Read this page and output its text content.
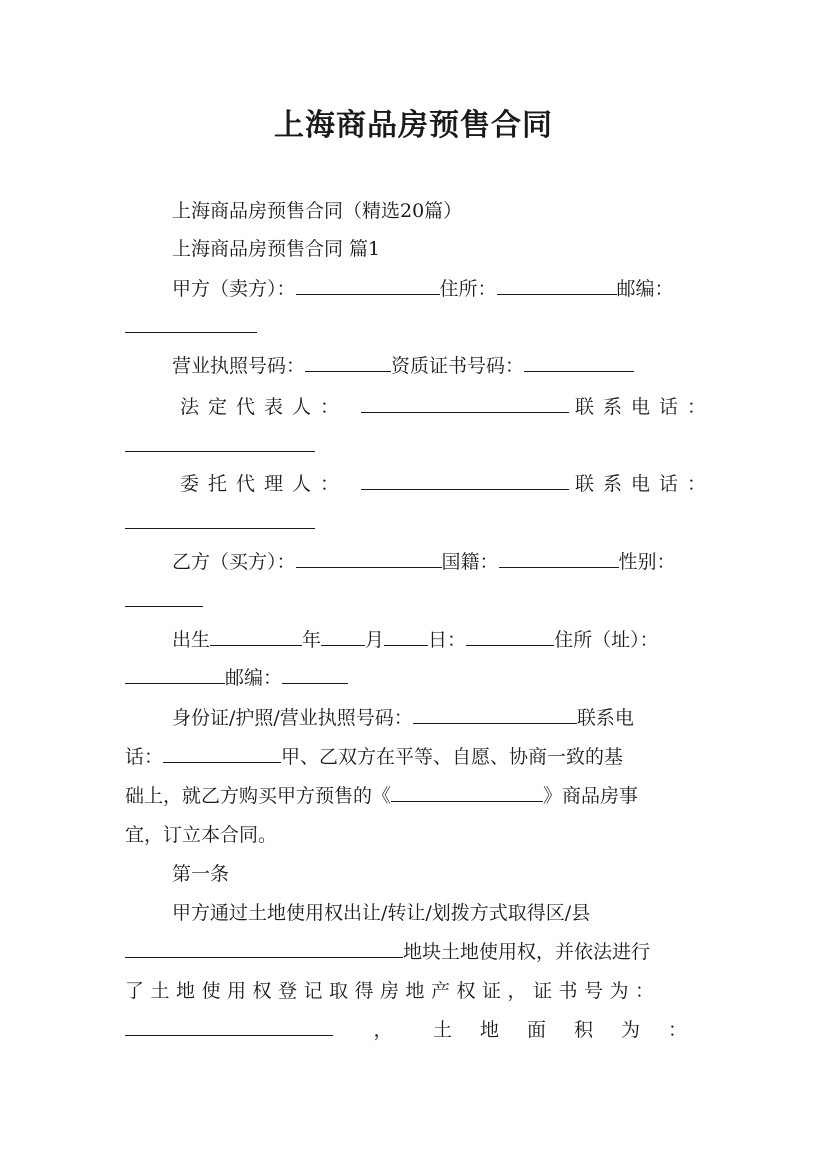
上海商品房预售合同
上海商品房预售合同（精选20篇）
上海商品房预售合同 篇1
甲方（卖方）：	住所：	邮编：
营业执照号码：	资质证书号码：
法定代表人：	联系电话：
委托代理人：	联系电话：
乙方（买方）：	国籍：	性别：
出生	年 月 日：	住所（址）：
邮编：
身份证/护照/营业执照号码：	联系电
话：	甲、乙双方在平等、自愿、协商一致的基
础上，就乙方购买甲方预售的《	》商品房事
宜，订立本合同。
第一条
甲方通过土地使用权出让/转让/划拨方式取得区/县
地块土地使用权，并依法进行
了土地使用权登记取得房地产权证，证书号为：
， 土地面积为：
